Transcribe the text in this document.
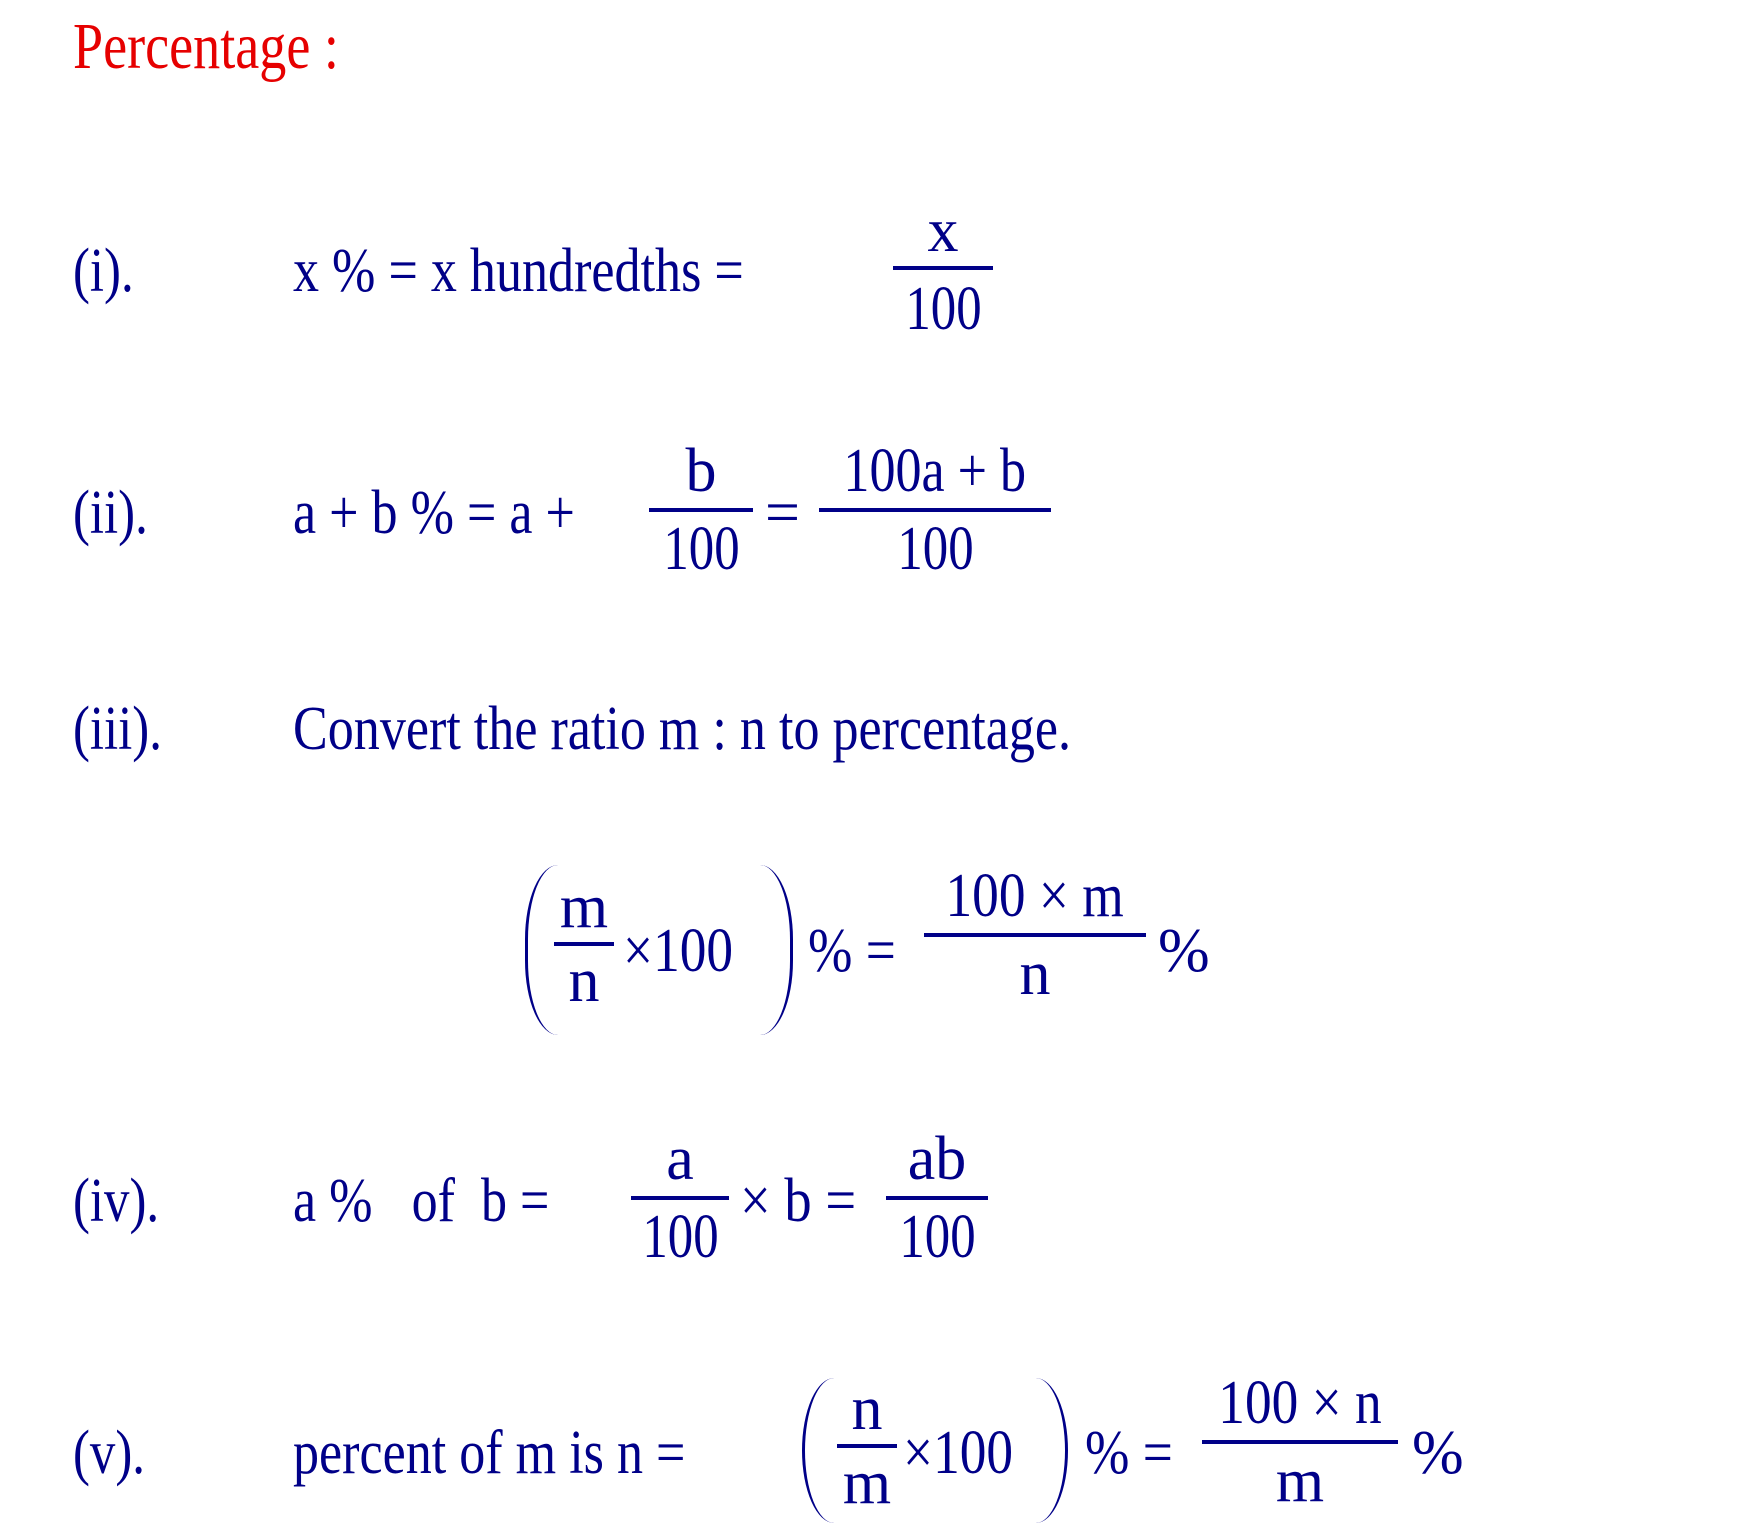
Percentage :
(i).	x % = x hundredths =
x
100
(ii). a + b % = a +
b
100
=
100a + b
100
(iii).	Convert the ratio m : n to percentage.
m
n ×100 % =
100 × m
n %
(iv).	a %   of  b =
a
100
× b =
ab
100
(v). percent of m is n =
n
m ×100 % =
100 × n
m %
